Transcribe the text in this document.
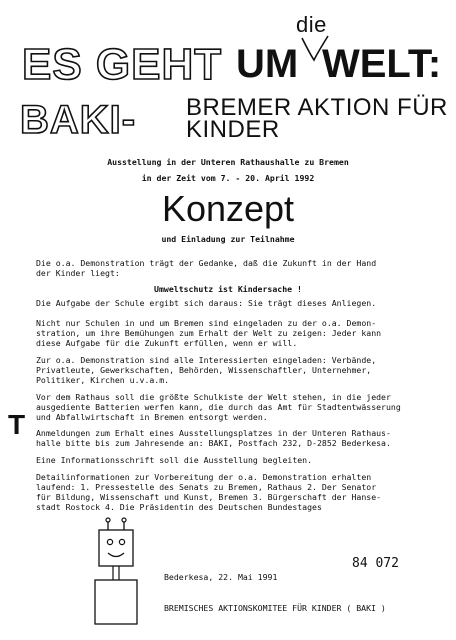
ES GEHT UM
die
WELT:
BAKI- BREMER AKTION FÜR
KINDER
Ausstellung in der Unteren Rathaushalle zu Bremen
in der Zeit vom 7. - 20. April 1992
Konzept
und Einladung zur Teilnahme
Die o.a. Demonstration trägt der Gedanke, daß die Zukunft in der Hand
der Kinder liegt:
Umweltschutz ist Kindersache !
Die Aufgabe der Schule ergibt sich daraus: Sie trägt dieses Anliegen.
Nicht nur Schulen in und um Bremen sind eingeladen zu der o.a. Demon-
stration, um ihre Bemühungen zum Erhalt der Welt zu zeigen: Jeder kann
diese Aufgabe für die Zukunft erfüllen, wenn er will.
Zur o.a. Demonstration sind alle Interessierten eingeladen: Verbände,
Privatleute, Gewerkschaften, Behörden, Wissenschaftler, Unternehmer,
Politiker, Kirchen u.v.a.m.
Vor dem Rathaus soll die größte Schulkiste der Welt stehen, in die jeder
ausgediente Batterien werfen kann, die durch das Amt für Stadtentwässerung
und Abfallwirtschaft in Bremen entsorgt werden.
T Anmeldungen zum Erhalt eines Ausstellungsplatzes in der Unteren Rathaus-
halle bitte bis zum Jahresende an: BAKI, Postfach 232, D-2852 Bederkesa.
Eine Informationsschrift soll die Ausstellung begleiten.
Detailinformationen zur Vorbereitung der o.a. Demonstration erhalten
laufend: 1. Pressestelle des Senats zu Bremen, Rathaus 2. Der Senator
für Bildung, Wissenschaft und Kunst, Bremen 3. Bürgerschaft der Hanse-
stadt Rostock 4. Die Präsidentin des Deutschen Bundestages
84 072
Bederkesa, 22. Mai 1991
BREMISCHES AKTIONSKOMITEE FÜR KINDER ( BAKI )
